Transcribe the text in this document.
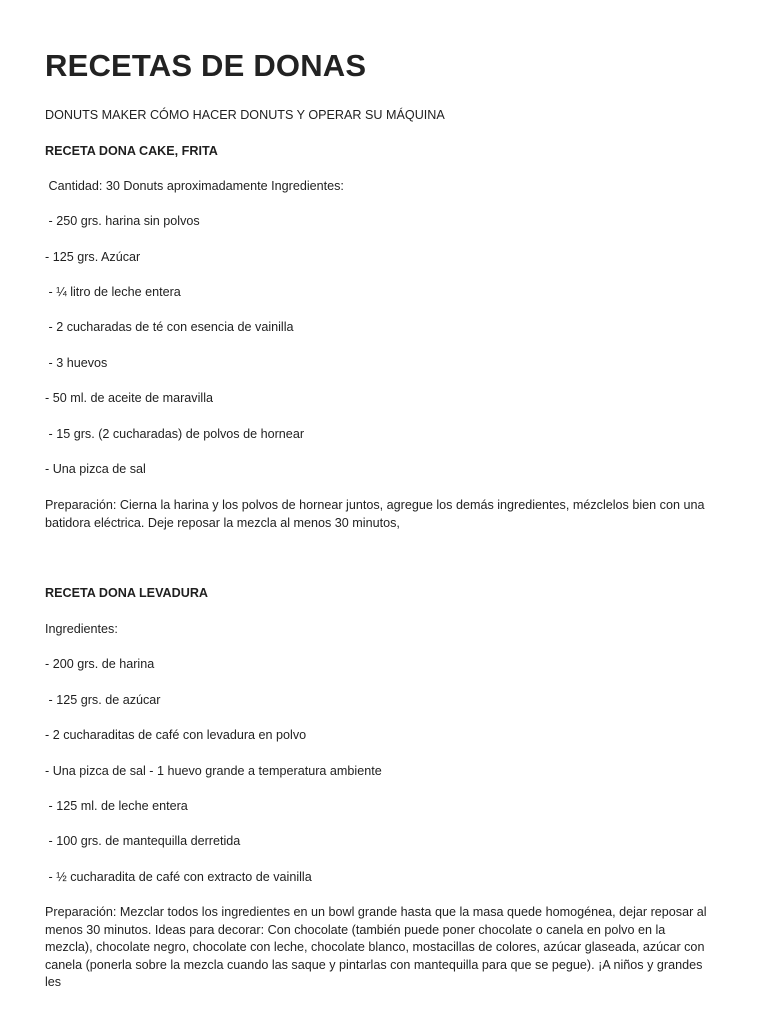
RECETAS DE DONAS

DONUTS MAKER CÓMO HACER DONUTS Y OPERAR SU MÁQUINA

RECETA DONA CAKE, FRITA

Cantidad: 30 Donuts aproximadamente Ingredientes:

- 250 grs. harina sin polvos

- 125 grs. Azúcar

- ¼ litro de leche entera

- 2 cucharadas de té con esencia de vainilla

- 3 huevos

- 50 ml. de aceite de maravilla

- 15 grs. (2 cucharadas) de polvos de hornear

- Una pizca de sal

Preparación: Cierna la harina y los polvos de hornear juntos, agregue los demás ingredientes, mézclelos bien con una batidora eléctrica. Deje reposar la mezcla al menos 30 minutos,

RECETA DONA LEVADURA

Ingredientes:

- 200 grs. de harina

- 125 grs. de azúcar

- 2 cucharaditas de café con levadura en polvo

- Una pizca de sal - 1 huevo grande a temperatura ambiente

- 125 ml. de leche entera

- 100 grs. de mantequilla derretida

- ½ cucharadita de café con extracto de vainilla

Preparación: Mezclar todos los ingredientes en un bowl grande hasta que la masa quede homogénea, dejar reposar al menos 30 minutos. Ideas para decorar: Con chocolate (también puede poner chocolate o canela en polvo en la mezcla), chocolate negro, chocolate con leche, chocolate blanco, mostacillas de colores, azúcar glaseada, azúcar con canela (ponerla sobre la mezcla cuando las saque y pintarlas con mantequilla para que se pegue). ¡A niños y grandes les
